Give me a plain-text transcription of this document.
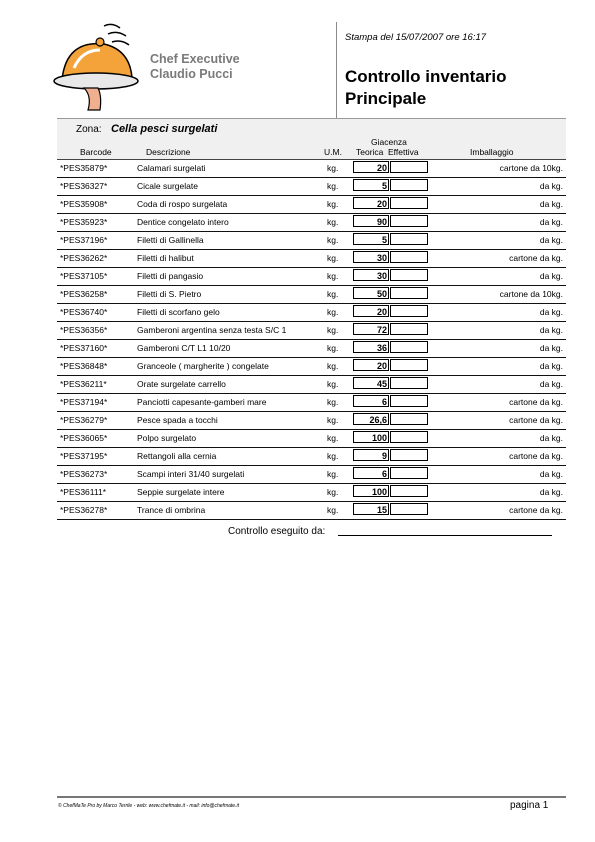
Chef Executive
Claudio Pucci
Stampa del 15/07/2007 ore 16:17
Controllo inventario
Principale
Zona: Cella pesci surgelati
Barcode	Descrizione	U.M.
Giacenza
Teorica Effettiva	Imballaggio
*PES35879*	Calamari surgelati	kg.	20	cartone da 10kg.
*PES36327*	Cicale surgelate	kg.	5	da kg.
*PES35908*	Coda di rospo surgelata	kg.	20	da kg.
*PES35923*	Dentice congelato intero	kg.	90	da kg.
*PES37196*	Filetti di Gallinella	kg.	5	da kg.
*PES36262*	Filetti di halibut	kg.	30	cartone da kg.
*PES37105*	Filetti di pangasio	kg.	30	da kg.
*PES36258*	Filetti di S. Pietro	kg.	50	cartone da 10kg.
*PES36740*	Filetti di scorfano gelo	kg.	20	da kg.
*PES36356*	Gamberoni argentina senza testa S/C 1	kg.	72	da kg.
*PES37160*	Gamberoni C/T L1 10/20	kg.	36	da kg.
*PES36848*	Granceole ( margherite ) congelate	kg.	20	da kg.
*PES36211*	Orate surgelate carrello	kg.	45	da kg.
*PES37194*	Panciotti capesante-gamberi mare	kg.	6	cartone da kg.
*PES36279*	Pesce spada a tocchi	kg.	26,6	cartone da kg.
*PES36065*	Polpo surgelato	kg.	100	da kg.
*PES37195*	Rettangoli alla cernia	kg.	9	cartone da kg.
*PES36273*	Scampi interi 31/40 surgelati	kg.	6	da kg.
*PES36111*	Seppie surgelate intere	kg.	100	da kg.
*PES36278*	Trance di ombrina	kg.	15	cartone da kg.
Controllo eseguito da:
© ChefMaTe Pro by Marco Terrile - web: www.chefmate.it - mail: info@chefmate.it	pagina 1
